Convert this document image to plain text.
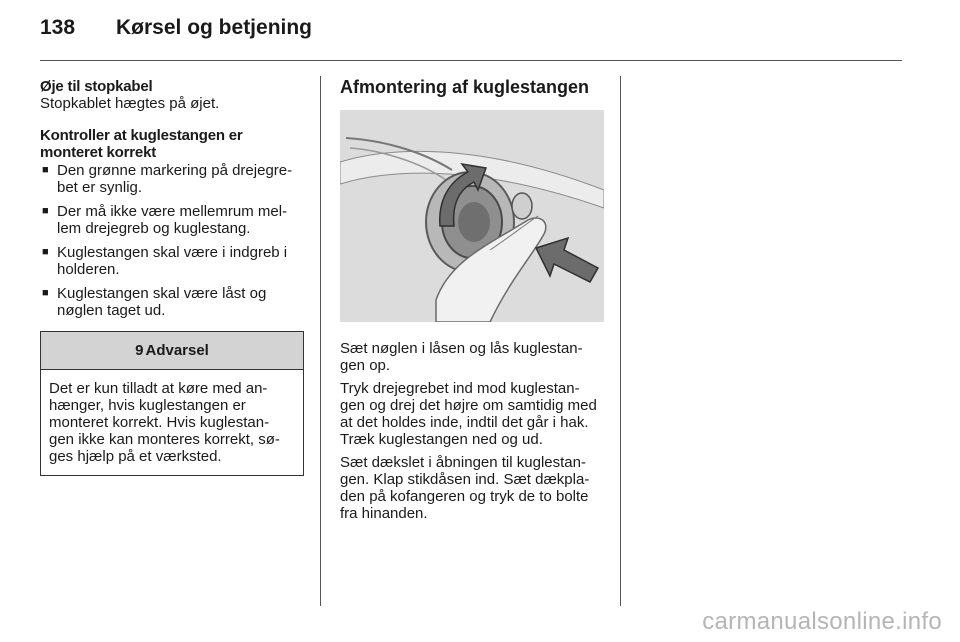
138 Kørsel og betjening
Øje til stopkabel

Stopkablet hægtes på øjet.

Kontroller at kuglestangen er monteret korrekt
■ Den grønne markering på drejegre-bet er synlig.
■ Der må ikke være mellemrum mel-lem drejegreb og kuglestang.
■ Kuglestangen skal være i indgreb i holderen.
■ Kuglestangen skal være låst og nøglen taget ud.
9 Advarsel
Det er kun tilladt at køre med an-hænger, hvis kuglestangen er monteret korrekt. Hvis kuglestan-gen ikke kan monteres korrekt, sø-ges hjælp på et værksted.
Afmontering af kuglestangen

Sæt nøglen i låsen og lås kuglestan-gen op.

Tryk drejegrebet ind mod kuglestan-gen og drej det højre om samtidig med at det holdes inde, indtil det går i hak. Træk kuglestangen ned og ud.

Sæt dækslet i åbningen til kuglestan-gen. Klap stikdåsen ind. Sæt dækpla-den på kofangeren og tryk de to bolte fra hinanden.

carmanualsonline.info
